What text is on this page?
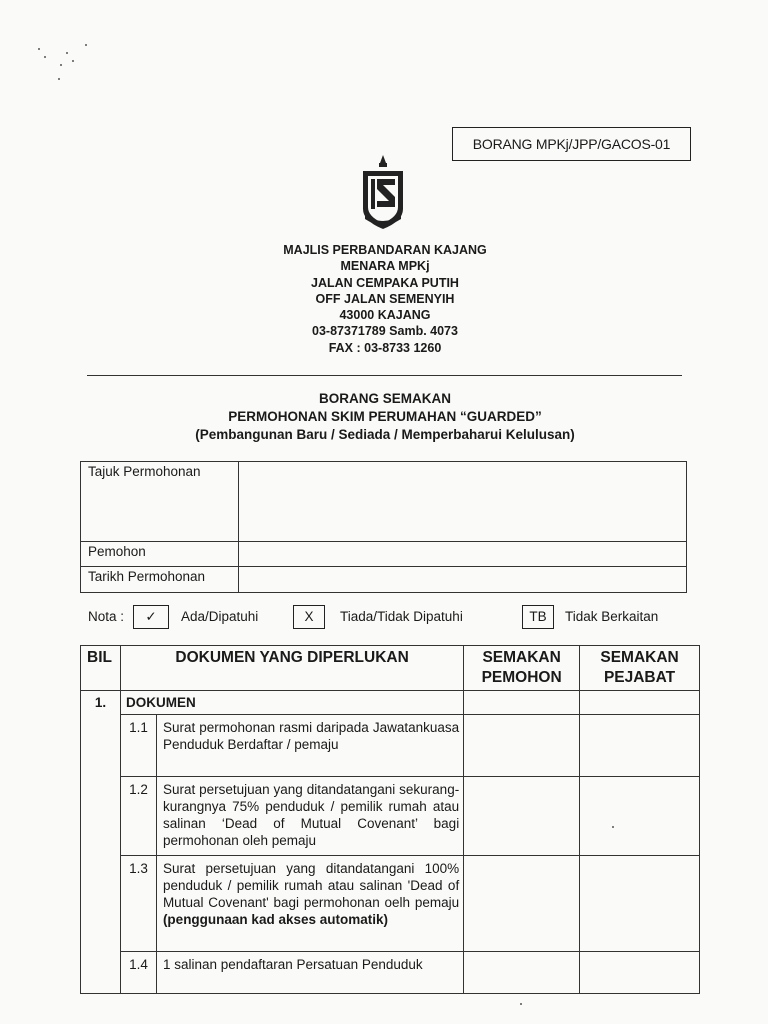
BORANG MPKj/JPP/GACOS-01
MAJLIS PERBANDARAN KAJANG
MENARA MPKj
JALAN CEMPAKA PUTIH
OFF JALAN SEMENYIH
43000 KAJANG
03-87371789 Samb. 4073
FAX : 03-8733 1260
BORANG SEMAKAN
PERMOHONAN SKIM PERUMAHAN “GUARDED”
(Pembangunan Baru / Sediada / Memperbaharui Kelulusan)
Tajuk Permohonan	
Pemohon	
Tarikh Permohonan	
Nota :	✓	Ada/Dipatuhi	X	Tiada/Tidak Dipatuhi	TB	Tidak Berkaitan
BIL	DOKUMEN YANG DIPERLUKAN		SEMAKAN PEMOHON	SEMAKAN PEJABAT
1.	DOKUMEN			
	1.1	Surat permohonan rasmi daripada Jawatankuasa Penduduk Berdaftar / pemaju		
	1.2	Surat persetujuan yang ditandatangani sekurang-kurangnya 75% penduduk / pemilik rumah atau salinan ‘Dead of Mutual Covenant’ bagi permohonan oleh pemaju		
	1.3	Surat persetujuan yang ditandatangani 100% penduduk / pemilik rumah atau salinan 'Dead of Mutual Covenant' bagi permohonan oelh pemaju (penggunaan kad akses automatik)		
	1.4	1 salinan pendaftaran Persatuan Penduduk		
